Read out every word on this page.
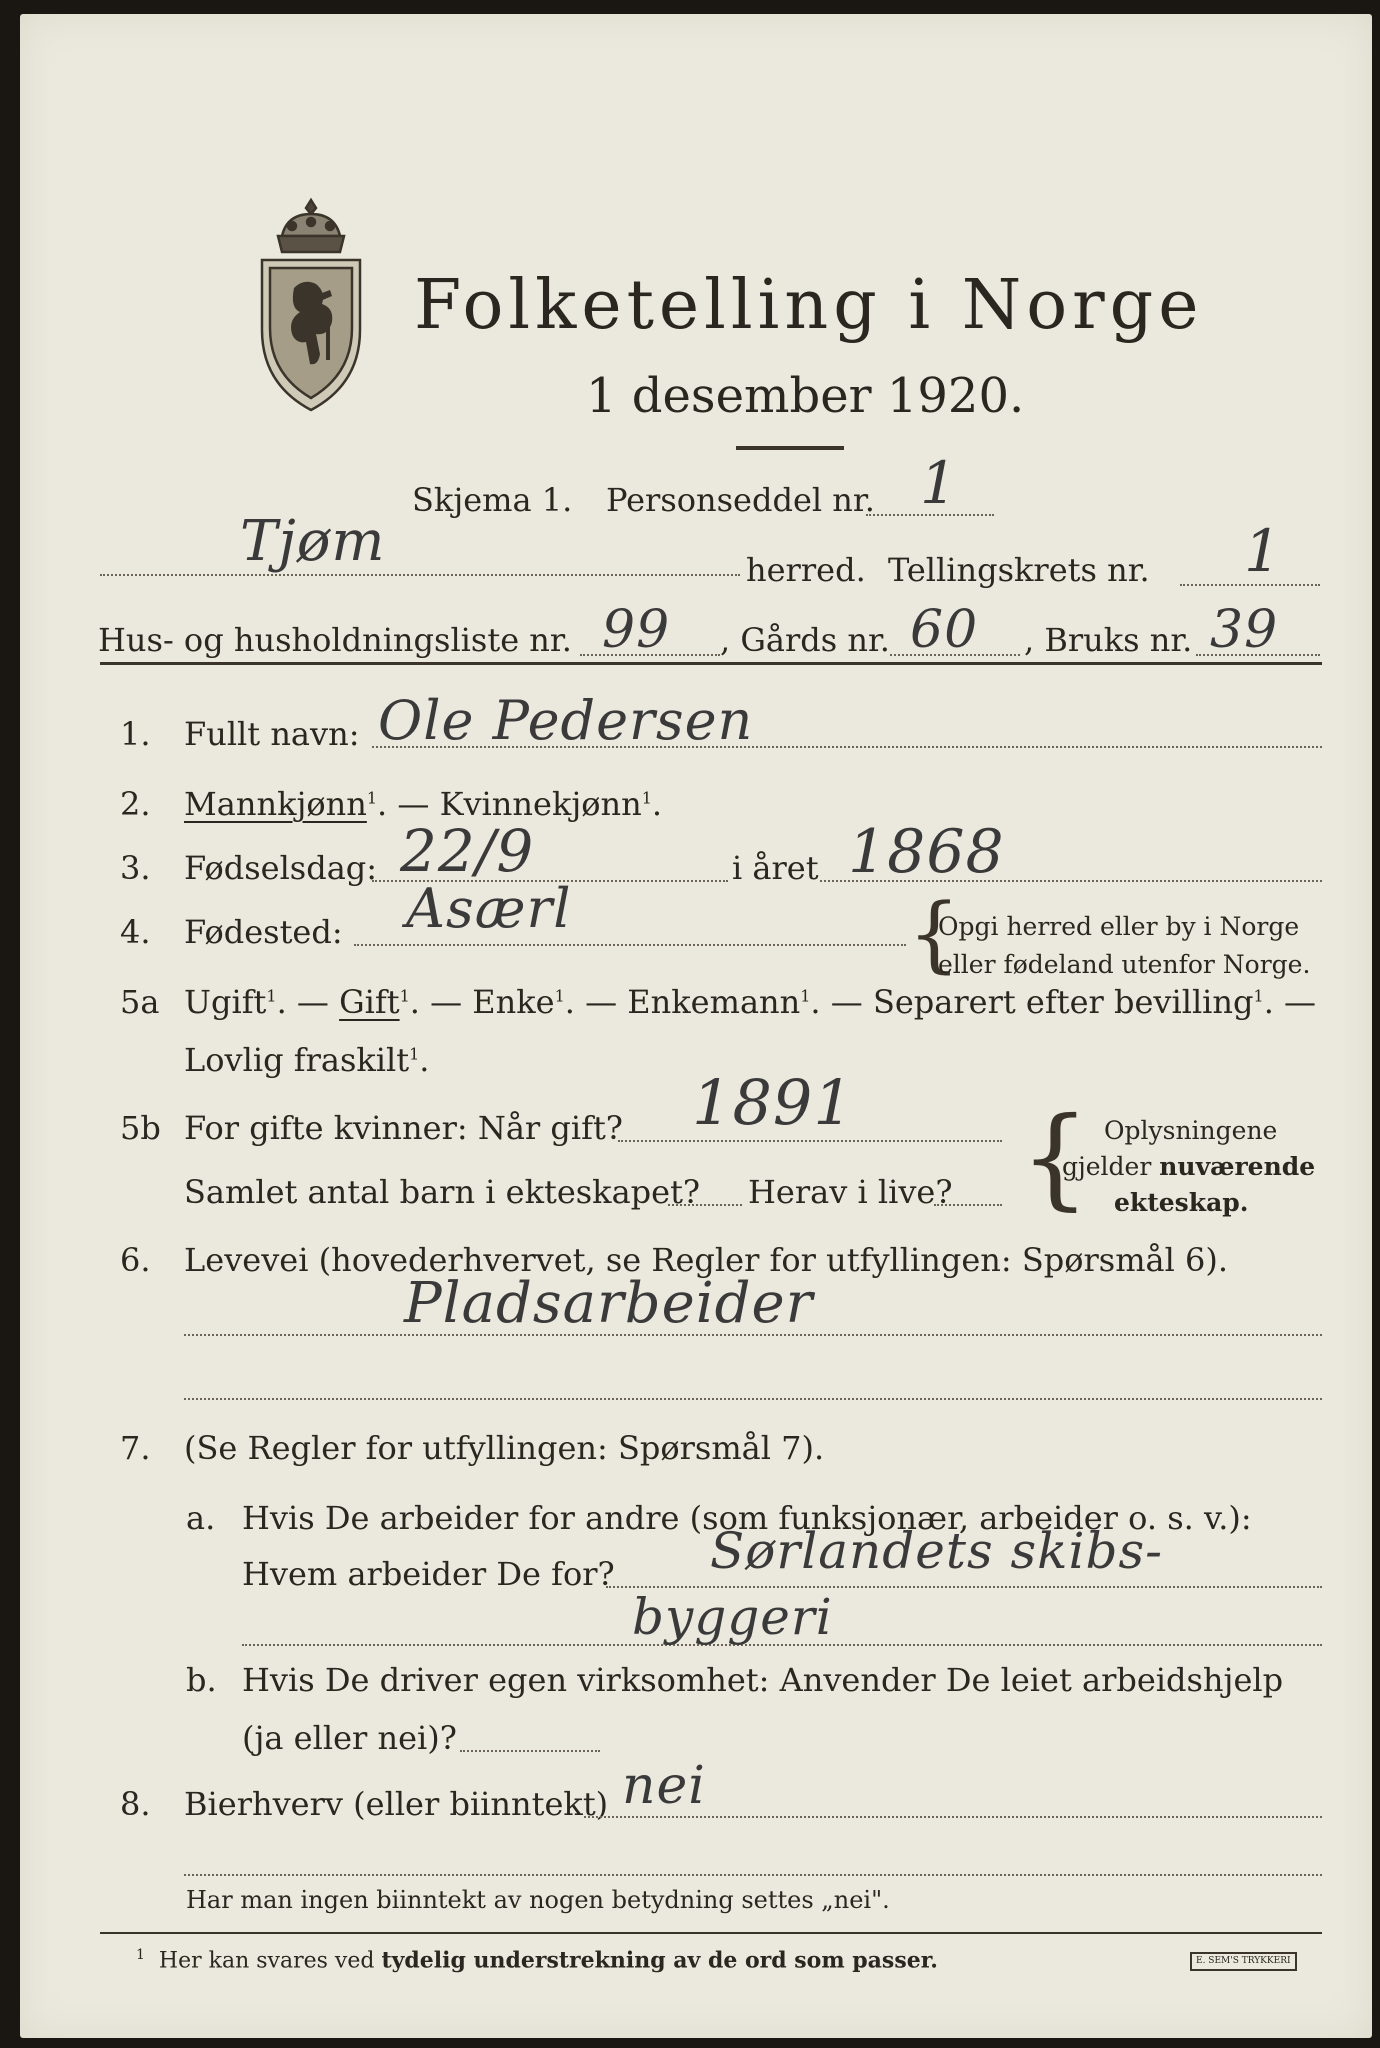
Folketelling i Norge
1 desember 1920.
Skjema 1. Personseddel nr. 1
Tjøm	herred. Tellingskrets nr. 1
Hus- og husholdningsliste nr. 99 , Gårds nr. 60 , Bruks nr. 39
1. Fullt navn: Ole Pedersen
2. Mannkjønn$^1$. — Kvinnekjønn$^1$.
3. Fødselsdag: 22/9	i året 1868
4. Fødested: Asærl	{
Opgi herred eller by i Norge
eller fødeland utenfor Norge.
5a Ugift$^1$. — Gift$^1$. — Enke$^1$. — Enkemann$^1$. — Separert efter bevilling$^1$. —
Lovlig fraskilt$^1$.
5b For gifte kvinner: Når gift? 1891
Samlet antal barn i ekteskapet? Herav i live? { Oplysningene
gjelder nuværende
ekteskap.
6. Levevei (hovederhvervet, se Regler for utfyllingen: Spørsmål 6).
Pladsarbeider
7. (Se Regler for utfyllingen: Spørsmål 7).
a. Hvis De arbeider for andre (som funksjonær, arbeider o. s. v.):
Hvem arbeider De for? Sørlandets skibs-
byggeri
b. Hvis De driver egen virksomhet: Anvender De leiet arbeidshjelp
(ja eller nei)?
8. Bierhverv (eller biinntekt) nei
Har man ingen biinntekt av nogen betydning settes „nei".
$^1$ Her kan svares ved tydelig understrekning av de ord som passer.	E. SEM'S TRYKKERI
